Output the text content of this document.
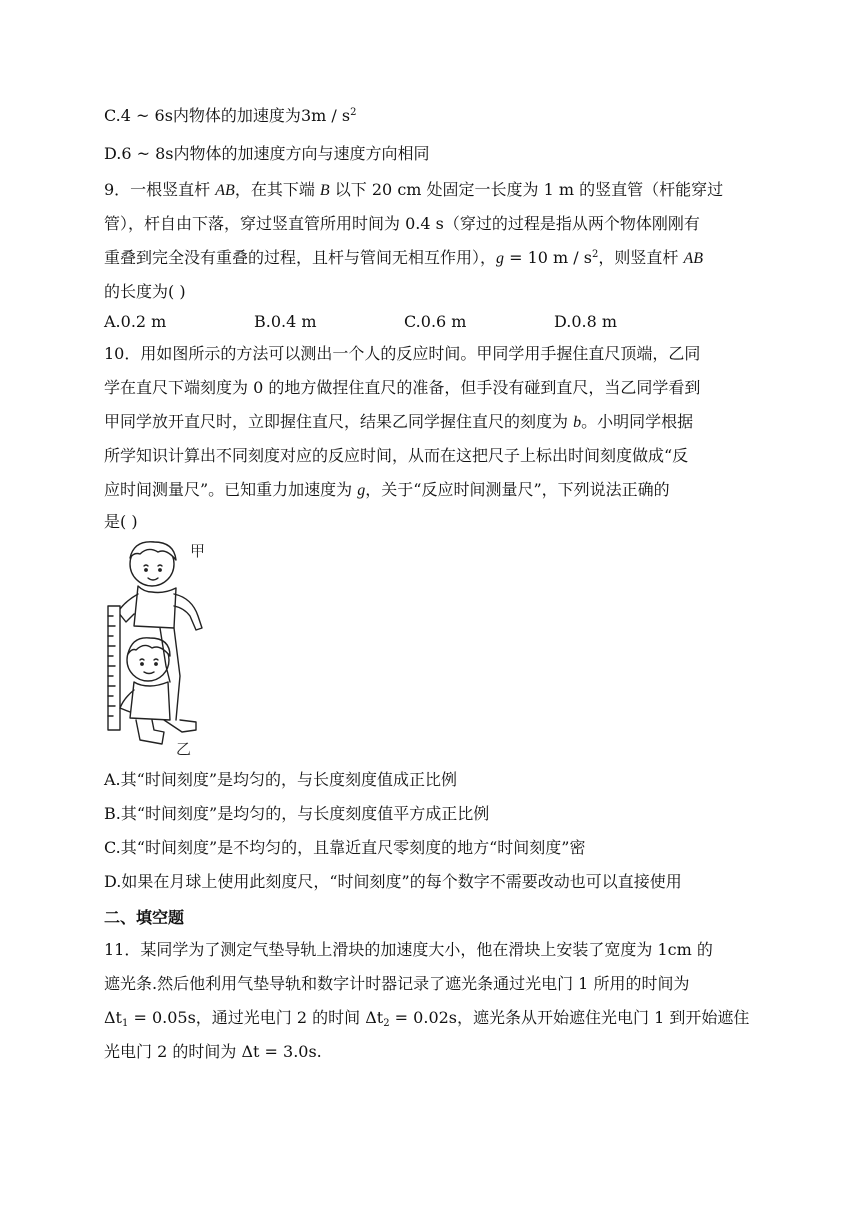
C.4 ~ 6s内物体的加速度为$3m / s^2$
D.6 ~ 8s内物体的加速度方向与速度方向相同
9．一根竖直杆 AB，在其下端 B 以下 20 cm 处固定一长度为 1 m 的竖直管（杆能穿过
管），杆自由下落，穿过竖直管所用时间为 0.4 s（穿过的过程是指从两个物体刚刚有
重叠到完全没有重叠的过程，且杆与管间无相互作用），g = 10 m / $s^2$，则竖直杆 AB
的长度为( )
A.0.2 m	B.0.4 m	C.0.6 m	D.0.8 m
10．用如图所示的方法可以测出一个人的反应时间。甲同学用手握住直尺顶端，乙同
学在直尺下端刻度为 0 的地方做捏住直尺的准备，但手没有碰到直尺，当乙同学看到
甲同学放开直尺时，立即握住直尺，结果乙同学握住直尺的刻度为 b。小明同学根据
所学知识计算出不同刻度对应的反应时间，从而在这把尺子上标出时间刻度做成“反
应时间测量尺”。已知重力加速度为 g，关于“反应时间测量尺”，下列说法正确的
是( )
甲
乙
A.其“时间刻度”是均匀的，与长度刻度值成正比例
B.其“时间刻度”是均匀的，与长度刻度值平方成正比例
C.其“时间刻度”是不均匀的，且靠近直尺零刻度的地方“时间刻度”密
D.如果在月球上使用此刻度尺，“时间刻度”的每个数字不需要改动也可以直接使用
二、填空题
11．某同学为了测定气垫导轨上滑块的加速度大小，他在滑块上安装了宽度为 1cm 的
遮光条.然后他利用气垫导轨和数字计时器记录了遮光条通过光电门 1 所用的时间为
$\Delta t_1 = 0.05s$，通过光电门 2 的时间 $\Delta t_2 = 0.02s$，遮光条从开始遮住光电门 1 到开始遮住
光电门 2 的时间为 Δt = 3.0s.
